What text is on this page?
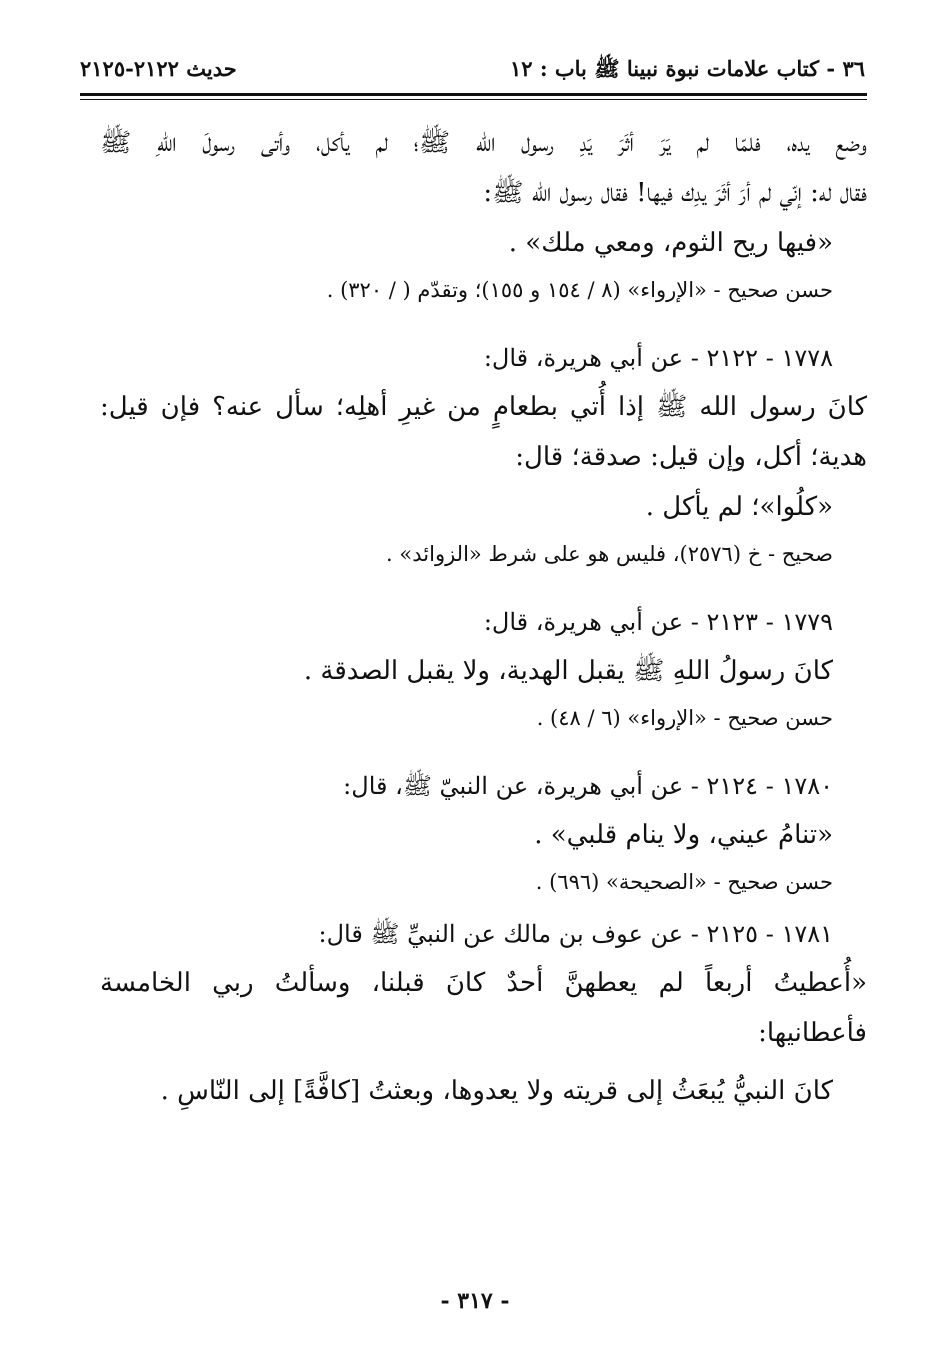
٣٦ - كتاب علامات نبوة نبينا ﷺ باب : ١٢
حديث ٢١٢٢-٢١٢٥
وضع يده، فلمّا لم يَرَ أثَرَ يَدِ رسول الله ﷺ؛ لم يأكل، وأتى رسولَ اللهِ ﷺ
فقال له: إنّي لم أرَ أثَرَ يدِك فيها! فقال رسول الله ﷺ:
«فيها ريح الثوم، ومعي ملك» .
حسن صحيح - «الإرواء» (٨ / ١٥٤ و ١٥٥)؛ وتقدّم ( / ٣٢٠) .
١٧٧٨ - ٢١٢٢ - عن أبي هريرة، قال:
كانَ رسول الله ﷺ إذا أُتي بطعامٍ من غيرِ أهلِه؛ سأل عنه؟ فإن قيل:
هدية؛ أكل، وإن قيل: صدقة؛ قال:
«كلُوا»؛ لم يأكل .
صحيح - خ (٢٥٧٦)، فليس هو على شرط «الزوائد» .
١٧٧٩ - ٢١٢٣ - عن أبي هريرة، قال:
كانَ رسولُ اللهِ ﷺ يقبل الهدية، ولا يقبل الصدقة .
حسن صحيح - «الإرواء» (٦ / ٤٨) .
١٧٨٠ - ٢١٢٤ - عن أبي هريرة، عن النبيّ ﷺ، قال:
«تنامُ عيني، ولا ينام قلبي» .
حسن صحيح - «الصحيحة» (٦٩٦) .
١٧٨١ - ٢١٢٥ - عن عوف بن مالك عن النبيِّ ﷺ قال:
«أُعطيتُ أربعاً لم يعطهنَّ أحدٌ كانَ قبلنا، وسألتُ ربي الخامسة
فأعطانيها:
كانَ النبيُّ يُبعَثُ إلى قريته ولا يعدوها، وبعثتُ [كافَّةً] إلى النّاسِ .
- ٣١٧ -
